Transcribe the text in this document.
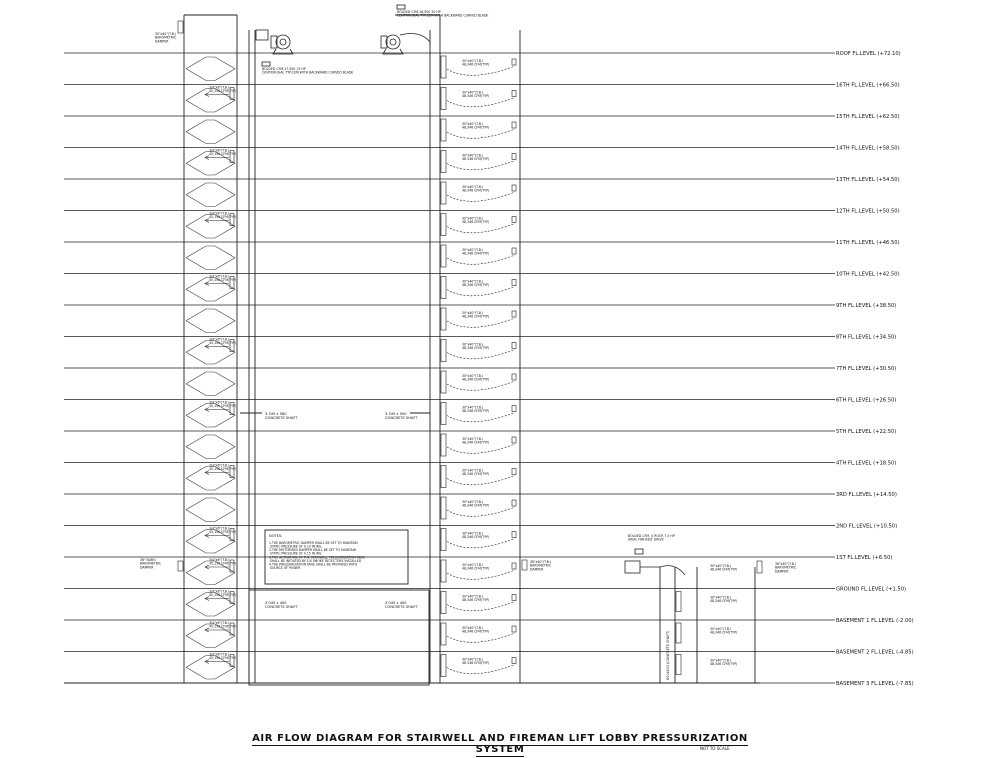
ROOF FL.LEVEL (+72.10)
16TH FL.LEVEL (+66.50)
15TH FL.LEVEL (+62.50)
14TH FL.LEVEL (+58.50)
13TH FL.LEVEL (+54.50)
12TH FL.LEVEL (+50.50)
11TH FL.LEVEL (+46.50)
10TH FL.LEVEL (+42.50)
9TH FL.LEVEL (+38.50)
8TH FL.LEVEL (+34.50)
7TH FL.LEVEL (+30.50)
6TH FL.LEVEL (+26.50)
5TH FL.LEVEL (+22.50)
4TH FL.LEVEL (+18.50)
3RD FL.LEVEL (+14.50)
2ND FL.LEVEL (+10.50)
1ST FL.LEVEL (+6.50)
GROUND FL.LEVEL (+1.50)
BASEMENT 1 FL.LEVEL (-2.00)
BASEMENT 2 FL.LEVEL (-4.85)
BASEMENT 3 FL.LEVEL (-7.85)
3/4"x6"(T.B.) 45,150 CFM(TYP)
3/4"x6"(T.B.) 45,150 CFM(TYP)
3/4"x6"(T.B.) 45,150 CFM(TYP)
3/4"x6"(T.B.) 45,150 CFM(TYP)
3/4"x6"(T.B.) 45,150 CFM(TYP)
3/4"x6"(T.B.) 45,150 CFM(TYP)
3/4"x6"(T.B.) 45,150 CFM(TYP)
3/4"x6"(T.B.) 45,150 CFM(TYP)
3/4"x6"(T.B.) 45,150 CFM(TYP)
3/4"x6"(T.B.) 45,150 CFM(TYP)
3/4"x6"(T.B.) 45,150 CFM(TYP)
3/4"x6"(T.B.) 45,150 CFM(TYP)
30"x40"(T.B.) 48,346 CFM(TYP)
30"x40"(T.B.) 48,346 CFM(TYP)
30"x40"(T.B.) 48,346 CFM(TYP)
30"x40"(T.B.) 48,346 CFM(TYP)
30"x40"(T.B.) 48,346 CFM(TYP)
30"x40"(T.B.) 48,346 CFM(TYP)
30"x40"(T.B.) 48,346 CFM(TYP)
30"x40"(T.B.) 48,346 CFM(TYP)
30"x40"(T.B.) 48,346 CFM(TYP)
30"x40"(T.B.) 48,346 CFM(TYP)
30"x40"(T.B.) 48,346 CFM(TYP)
30"x40"(T.B.) 48,346 CFM(TYP)
30"x40"(T.B.) 48,346 CFM(TYP)
30"x40"(T.B.) 48,346 CFM(TYP)
30"x40"(T.B.) 48,346 CFM(TYP)
30"x40"(T.B.) 48,346 CFM(TYP)
30"x40"(T.B.) 48,346 CFM(TYP)
30"x40"(T.B.) 48,346 CFM(TYP)
30"x40"(T.B.) 48,346 CFM(TYP)
30"x40"(T.B.) 48,346 CFM(TYP)
36"x40"(T.B.) BAROMETRIC DAMPER
36" BARO. BAROMETRIC DAMPER
30"x40"(T.B.) BAROMETRIC DAMPER
3 345 x 580 CONCRETE SHAFT
3 345 x 500 CONCRETE SHAFT
3 045 x 400 CONCRETE SHAFT
3 045 x 400 CONCRETE SHAFT
NOTES:
1.THE BAROMETRIC DAMPER SHALL BE SET TO MAINTAIN STATIC PRESSURE OF 0.10 IN.WG. 2.THE MOTORISED DAMPER SHALL BE SET TO MAINTAIN STATIC PRESSURE OF 0.15 IN.WG. 3.THE ACTIVATION OF THE STAIRWELL PRESSURIZATION FANS SHALL BE INITIATED BY 1/0 SMOKE DETECTORS INSTALLED 4.THE PRESSURIZATION FANS SHALL BE PROVIDED WITH SOURCE OF POWER
BOLDED CFM,17,500 15 HP CENTRIFUGAL TYP.CEM WITH BACKWARD CURVED BLADE
BOLDED CFM,18,500 20 HP CENTRIFUGAL TYP.CEM WITH BACKWARD CURVED BLADE
BOLDED CFM, 0 ROOF,7.5 HP AXIAL FAN BELT DRIVE
30"x40"(T.B.) 48,346 CFM(TYP)
30"x40"(T.B.) 48,346 CFM(TYP)
30"x40"(T.B.) 48,346 CFM(TYP)
30"x40"(T.B.) 48,346 CFM(TYP)
36"x40"(T.B.) BAROMETRIC DAMPER
800x400 (CONCRETE SHAFT)
AIR FLOW DIAGRAM FOR STAIRWELL AND FIREMAN LIFT LOBBY PRESSURIZATION SYSTEM	NOT TO SCALE
